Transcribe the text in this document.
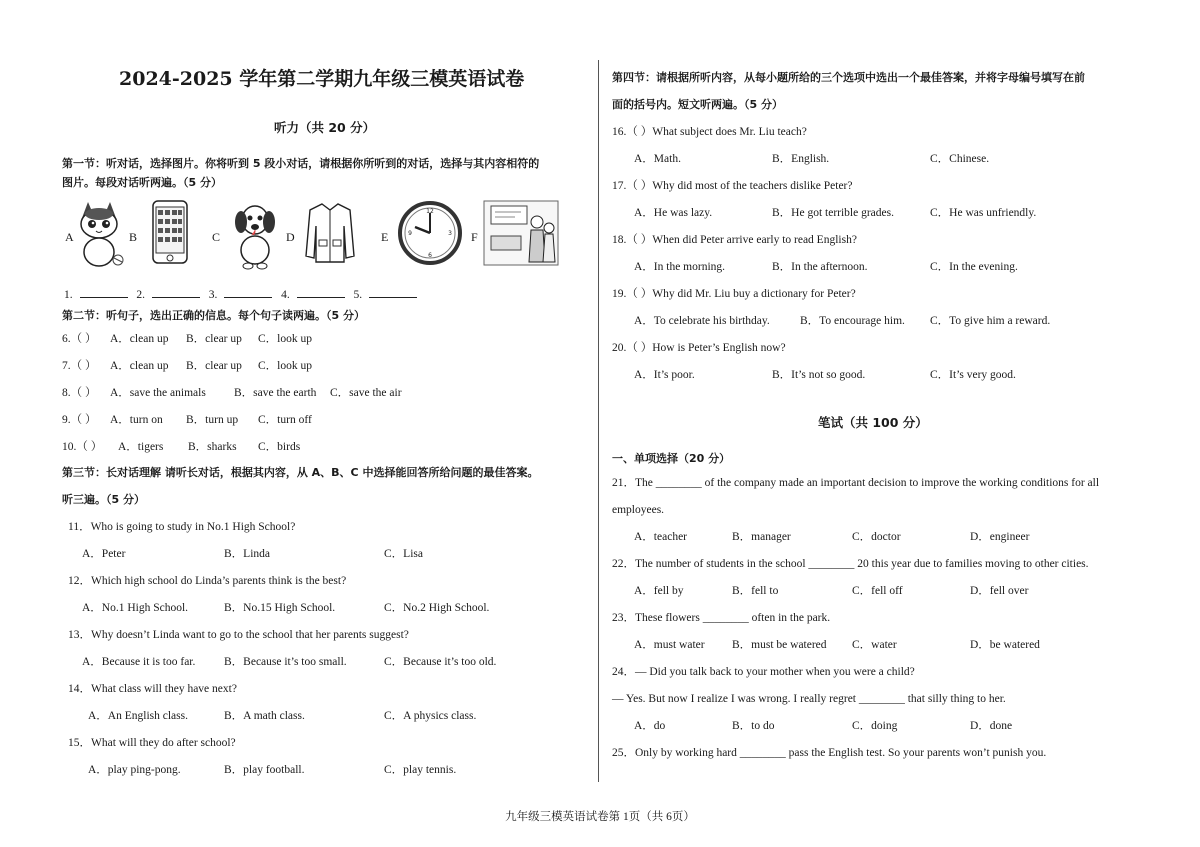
2024-2025 学年第二学期九年级三模英语试卷
听力（共 20 分）
第一节：听对话，选择图片。你将听到 5 段小对话，请根据你所听到的对话，选择与其内容相符的
图片。每段对话听两遍。（5 分）
A	B	C	D	E
12
3
6
9	F
1.	2.	3.	4.	5.
第二节：听句子，选出正确的信息。每个句子读两遍。（5 分）
6.（ ） A．clean up B．clear up C．look up
7.（ ） A．clean up B．clear up C．look up
8.（ ） A．save the animals B．save the earth C．save the air
9.（ ） A．turn on B．turn up C．turn off
10.（ ） A．tigers B．sharks C．birds
第三节：长对话理解 请听长对话，根据其内容，从 A、B、C 中选择能回答所给问题的最佳答案。
听三遍。（5 分）
11．Who is going to study in No.1 High School?
A．Peter	B．Linda	C．Lisa
12．Which high school do Linda’s parents think is the best?
A．No.1 High School.	B．No.15 High School.	C．No.2 High School.
13．Why doesn’t Linda want to go to the school that her parents suggest?
A．Because it is too far. B．Because it’s too small.	C．Because it’s too old.
14．What class will they have next?
A．An English class.	B．A math class.	C．A physics class.
15．What will they do after school?
A．play ping-pong.	B．play football.	C．play tennis.
第四节：请根据所听内容，从每小题所给的三个选项中选出一个最佳答案，并将字母编号填写在前
面的括号内。短文听两遍。（5 分）
16.（ ）What subject does Mr. Liu teach?
A．Math.	B．English.	C．Chinese.
17.（ ）Why did most of the teachers dislike Peter?
A．He was lazy.	B．He got terrible grades.	C．He was unfriendly.
18.（ ）When did Peter arrive early to read English?
A．In the morning.	B．In the afternoon.	C．In the evening.
19.（ ）Why did Mr. Liu buy a dictionary for Peter?
A．To celebrate his birthday.	B．To encourage him. C．To give him a reward.
20.（ ）How is Peter’s English now?
A．It’s poor.	B．It’s not so good.	C．It’s very good.
笔试（共 100 分）
一、单项选择（20 分）
21．The ________ of the company made an important decision to improve the working conditions for all
employees.
A．teacher	B．manager	C．doctor	D．engineer
22．The number of students in the school ________ 20 this year due to families moving to other cities.
A．fell by	B．fell to	C．fell off	D．fell over
23．These flowers ________ often in the park.
A．must water B．must be watered C．water	D．be watered
24．— Did you talk back to your mother when you were a child?
— Yes. But now I realize I was wrong. I really regret ________ that silly thing to her.
A．do	B．to do	C．doing	D．done
25．Only by working hard ________ pass the English test. So your parents won’t punish you.
九年级三模英语试卷第 1页（共 6页）
